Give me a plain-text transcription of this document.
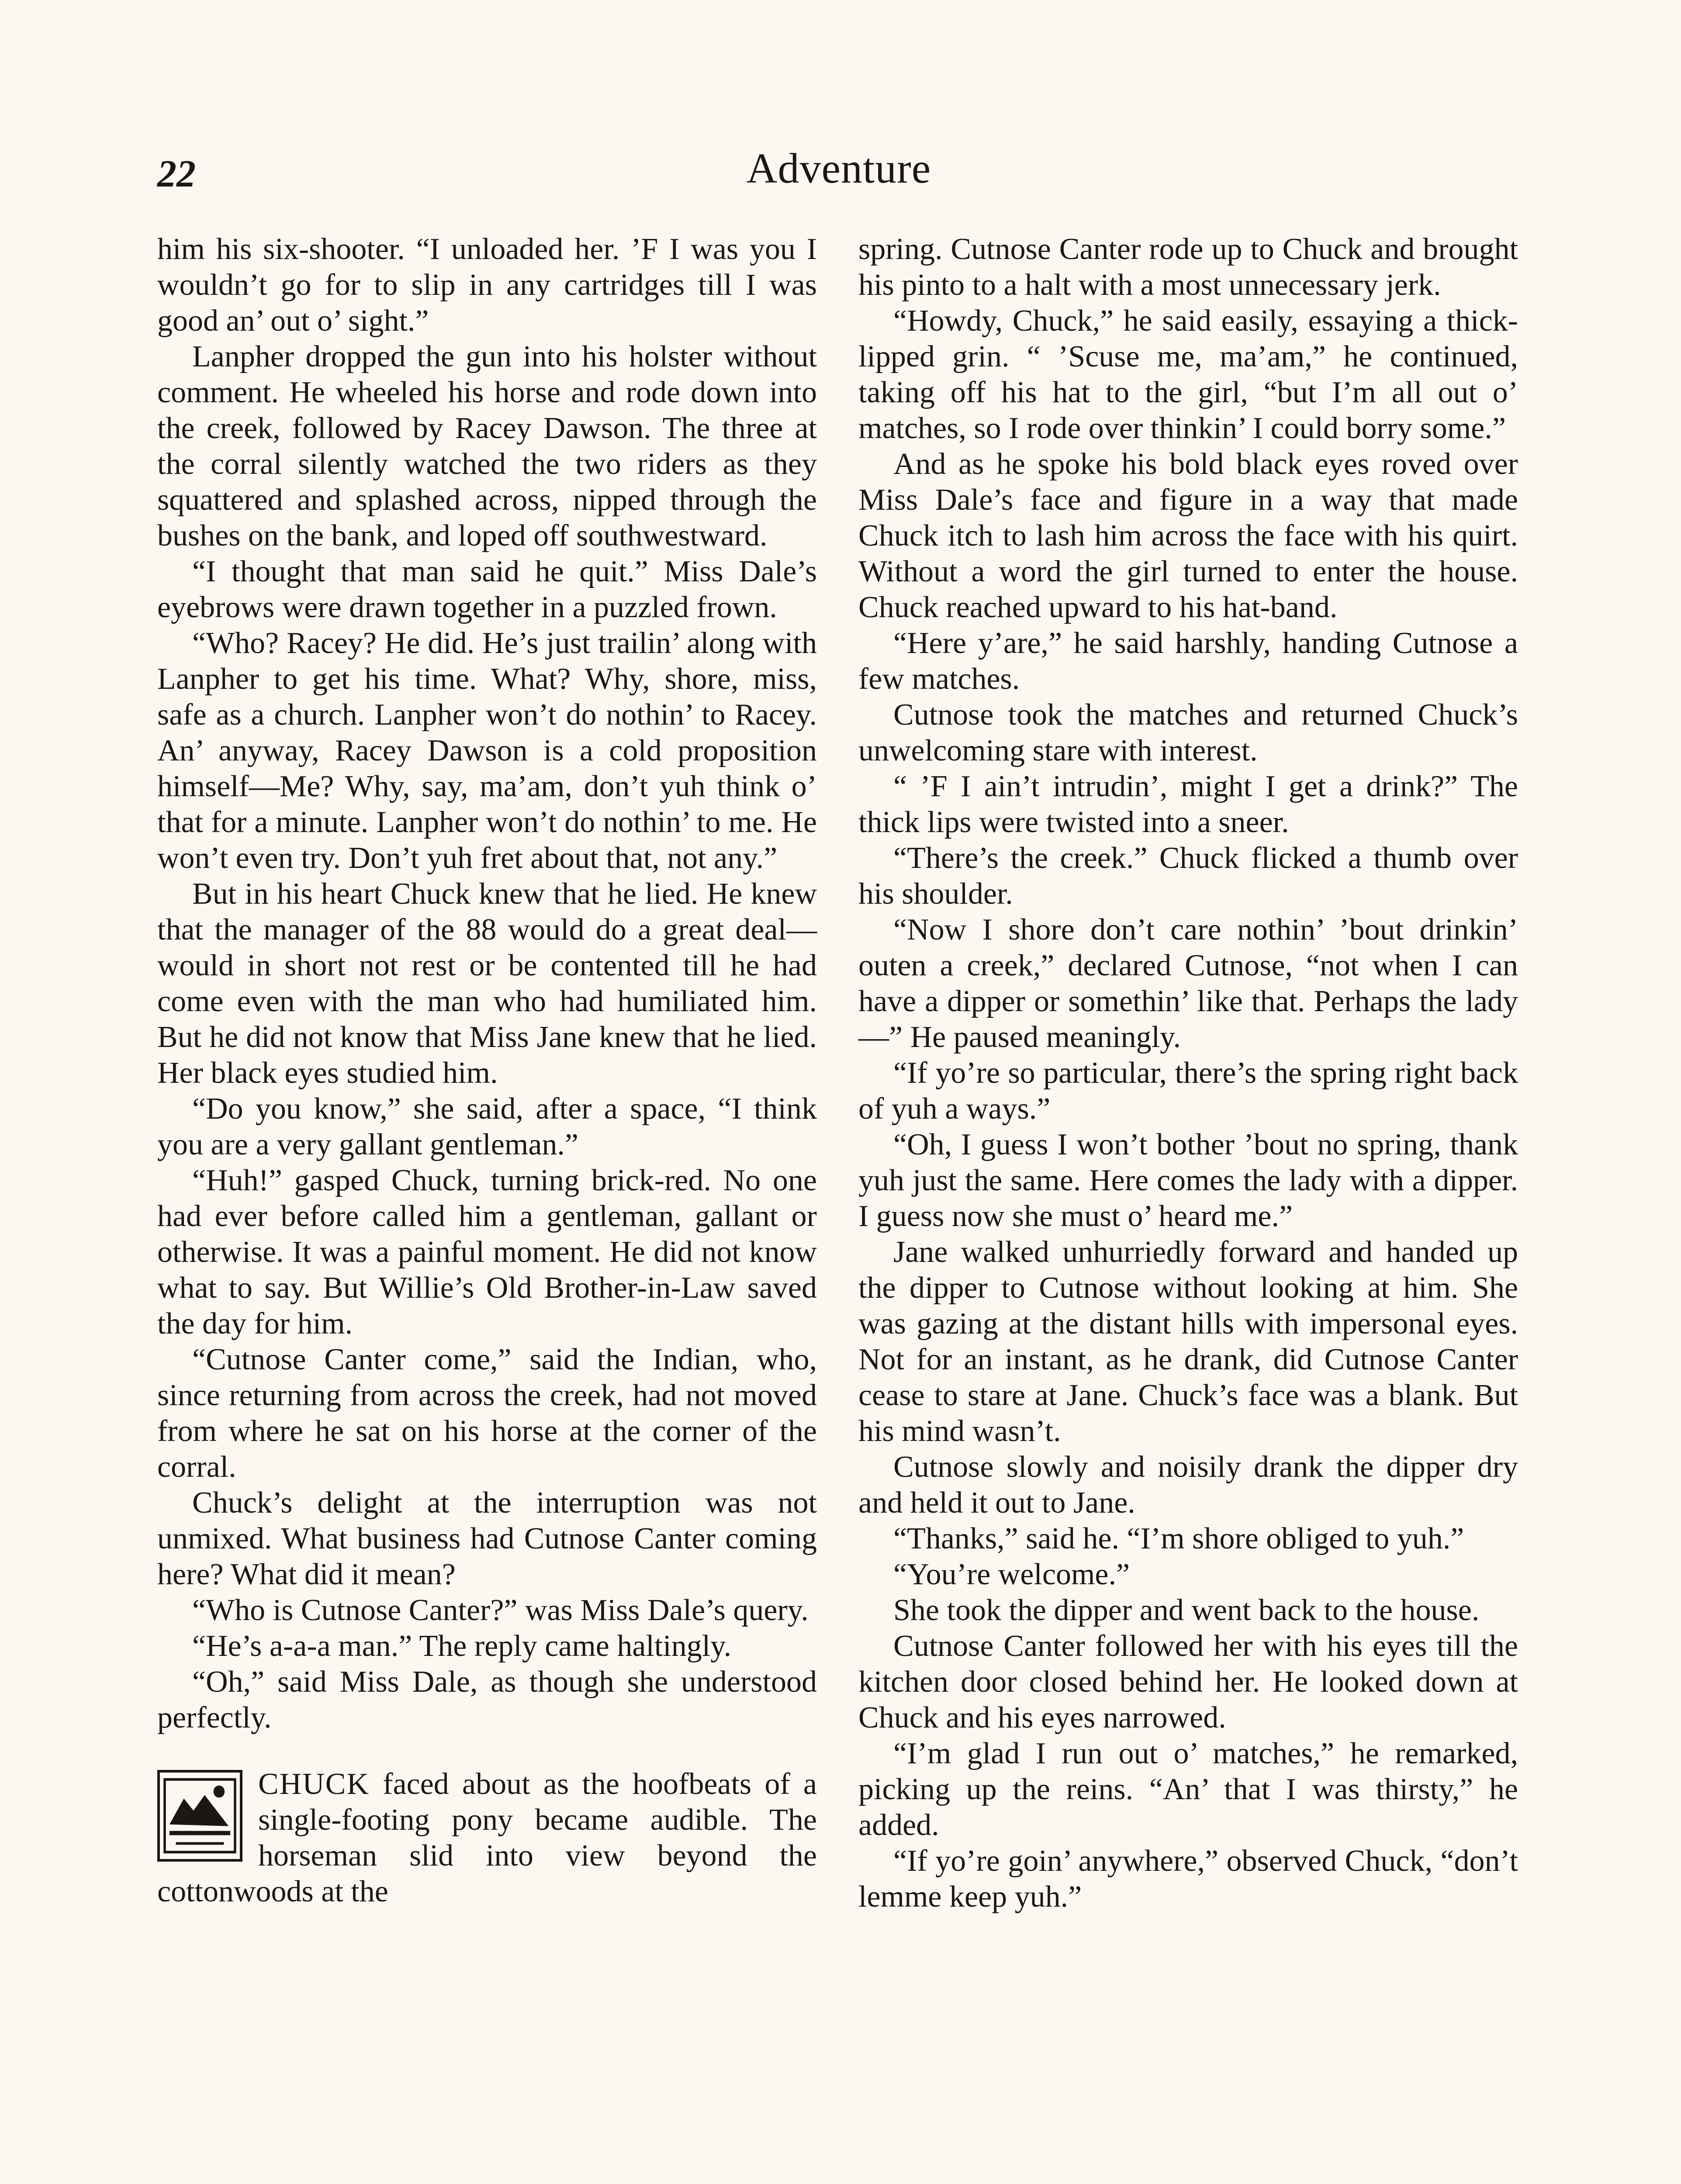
22	Adventure

him his six-shooter. “I unloaded her. ’F I was you I wouldn’t go for to slip in any cartridges till I was good an’ out o’ sight.”

Lanpher dropped the gun into his holster without comment. He wheeled his horse and rode down into the creek, followed by Racey Dawson. The three at the corral silently watched the two riders as they squattered and splashed across, nipped through the bushes on the bank, and loped off southwestward.

“I thought that man said he quit.” Miss Dale’s eyebrows were drawn together in a puzzled frown.

“Who? Racey? He did. He’s just trailin’ along with Lanpher to get his time. What? Why, shore, miss, safe as a church. Lanpher won’t do nothin’ to Racey. An’ anyway, Racey Dawson is a cold proposition himself—Me? Why, say, ma’am, don’t yuh think o’ that for a minute. Lanpher won’t do nothin’ to me. He won’t even try. Don’t yuh fret about that, not any.”

But in his heart Chuck knew that he lied. He knew that the manager of the 88 would do a great deal—would in short not rest or be contented till he had come even with the man who had humiliated him. But he did not know that Miss Jane knew that he lied. Her black eyes studied him.

“Do you know,” she said, after a space, “I think you are a very gallant gentleman.”

“Huh!” gasped Chuck, turning brick-red. No one had ever before called him a gentleman, gallant or otherwise. It was a painful moment. He did not know what to say. But Willie’s Old Brother-in-Law saved the day for him.

“Cutnose Canter come,” said the Indian, who, since returning from across the creek, had not moved from where he sat on his horse at the corner of the corral.

Chuck’s delight at the interruption was not unmixed. What business had Cutnose Canter coming here? What did it mean?

“Who is Cutnose Canter?” was Miss Dale’s query.

“He’s a-a-a man.” The reply came haltingly.

“Oh,” said Miss Dale, as though she understood perfectly.

CHUCK faced about as the hoofbeats of a single-footing pony became audible. The horseman slid into view beyond the cottonwoods at the

spring. Cutnose Canter rode up to Chuck and brought his pinto to a halt with a most unnecessary jerk.

“Howdy, Chuck,” he said easily, essaying a thick-lipped grin. “ ’Scuse me, ma’am,” he continued, taking off his hat to the girl, “but I’m all out o’ matches, so I rode over thinkin’ I could borry some.”

And as he spoke his bold black eyes roved over Miss Dale’s face and figure in a way that made Chuck itch to lash him across the face with his quirt. Without a word the girl turned to enter the house. Chuck reached upward to his hat-band.

“Here y’are,” he said harshly, handing Cutnose a few matches.

Cutnose took the matches and returned Chuck’s unwelcoming stare with interest.

“ ’F I ain’t intrudin’, might I get a drink?” The thick lips were twisted into a sneer.

“There’s the creek.” Chuck flicked a thumb over his shoulder.

“Now I shore don’t care nothin’ ’bout drinkin’ outen a creek,” declared Cutnose, “not when I can have a dipper or somethin’ like that. Perhaps the lady—” He paused meaningly.

“If yo’re so particular, there’s the spring right back of yuh a ways.”

“Oh, I guess I won’t bother ’bout no spring, thank yuh just the same. Here comes the lady with a dipper. I guess now she must o’ heard me.”

Jane walked unhurriedly forward and handed up the dipper to Cutnose without looking at him. She was gazing at the distant hills with impersonal eyes. Not for an instant, as he drank, did Cutnose Canter cease to stare at Jane. Chuck’s face was a blank. But his mind wasn’t.

Cutnose slowly and noisily drank the dipper dry and held it out to Jane.

“Thanks,” said he. “I’m shore obliged to yuh.”

“You’re welcome.”

She took the dipper and went back to the house.

Cutnose Canter followed her with his eyes till the kitchen door closed behind her. He looked down at Chuck and his eyes narrowed.

“I’m glad I run out o’ matches,” he remarked, picking up the reins. “An’ that I was thirsty,” he added.

“If yo’re goin’ anywhere,” observed Chuck, “don’t lemme keep yuh.”
